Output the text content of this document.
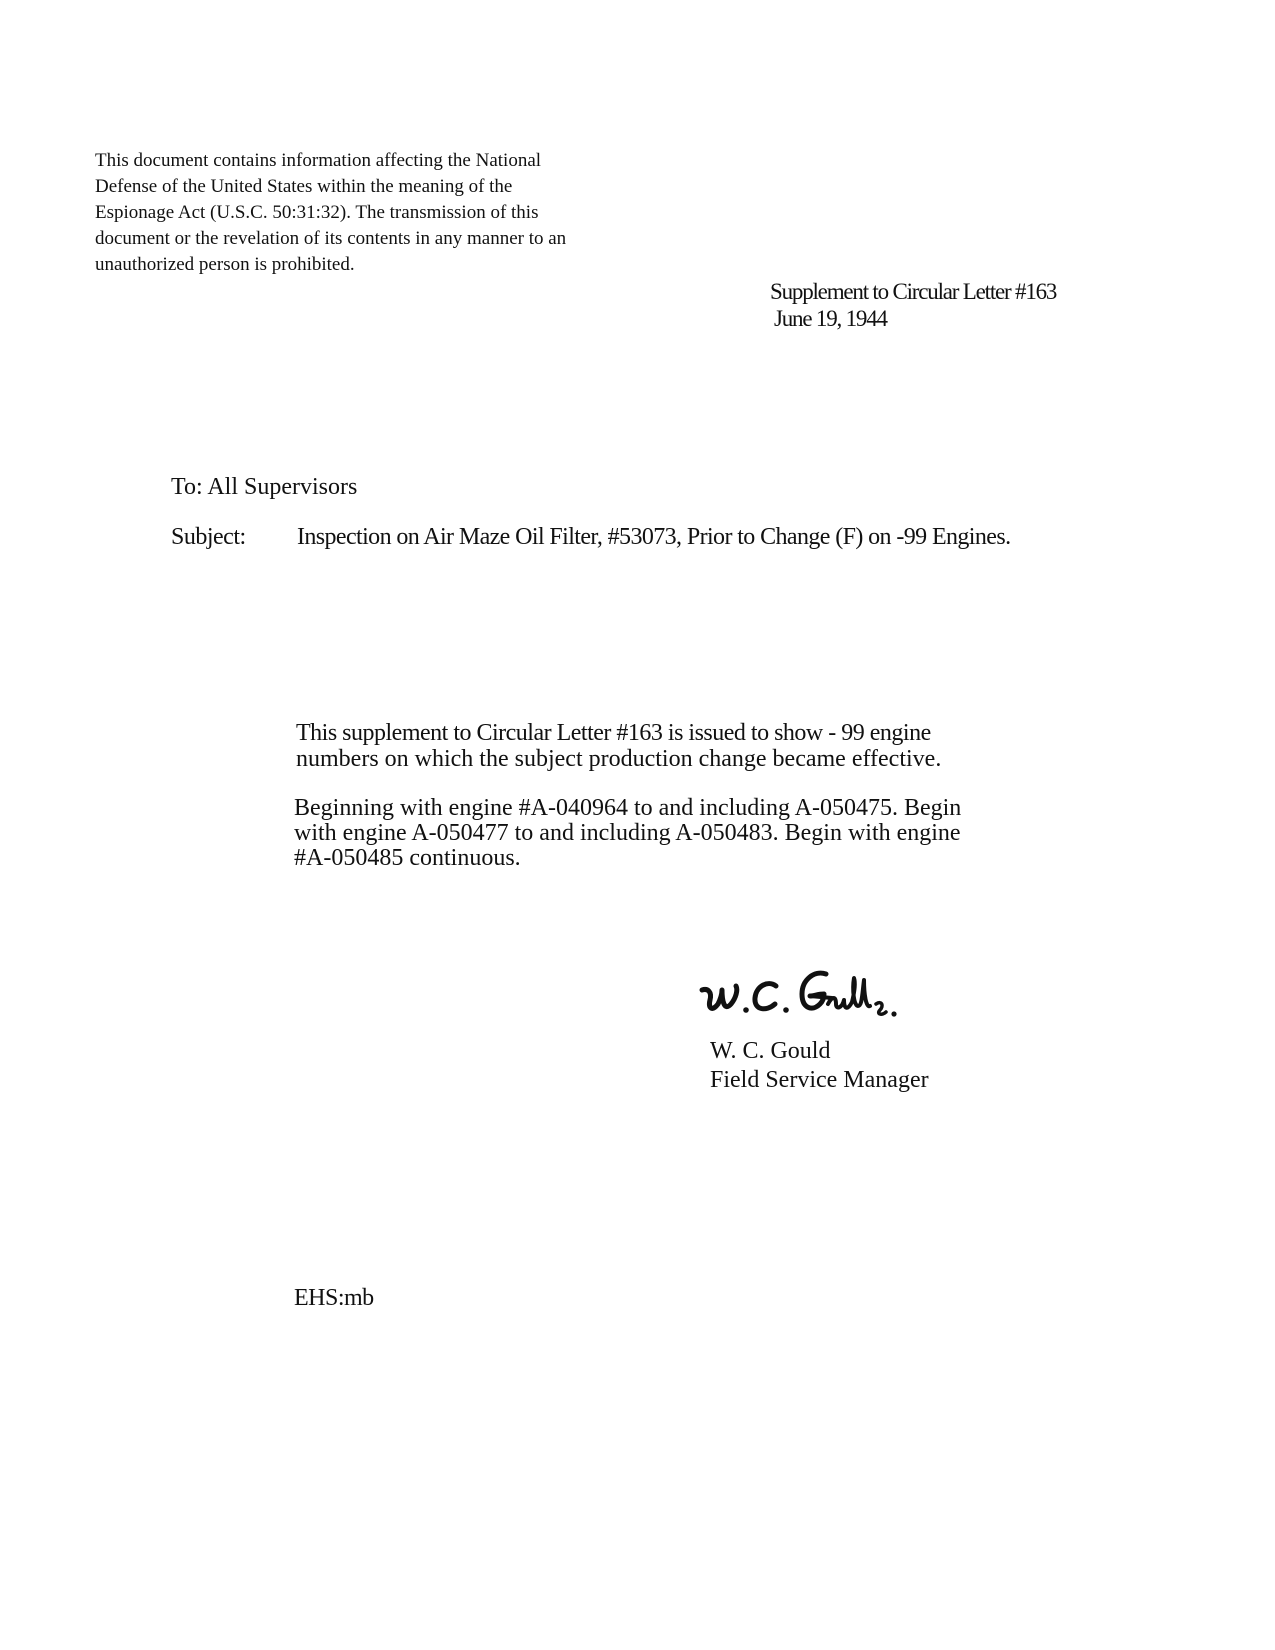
This document contains information affecting the National
Defense of the United States within the meaning of the
Espionage Act (U.S.C. 50:31:32). The transmission of this
document or the revelation of its contents in any manner to an
unauthorized person is prohibited.
Supplement to Circular Letter #163
June 19, 1944
To: All Supervisors
Subject: Inspection on Air Maze Oil Filter, #53073, Prior to Change (F) on -99 Engines.
This supplement to Circular Letter #163 is issued to show - 99 engine
numbers on which the subject production change became effective.
Beginning with engine #A-040964 to and including A-050475. Begin
with engine A-050477 to and including A-050483. Begin with engine
#A-050485 continuous.
W. C. Gould
Field Service Manager
EHS:mb
